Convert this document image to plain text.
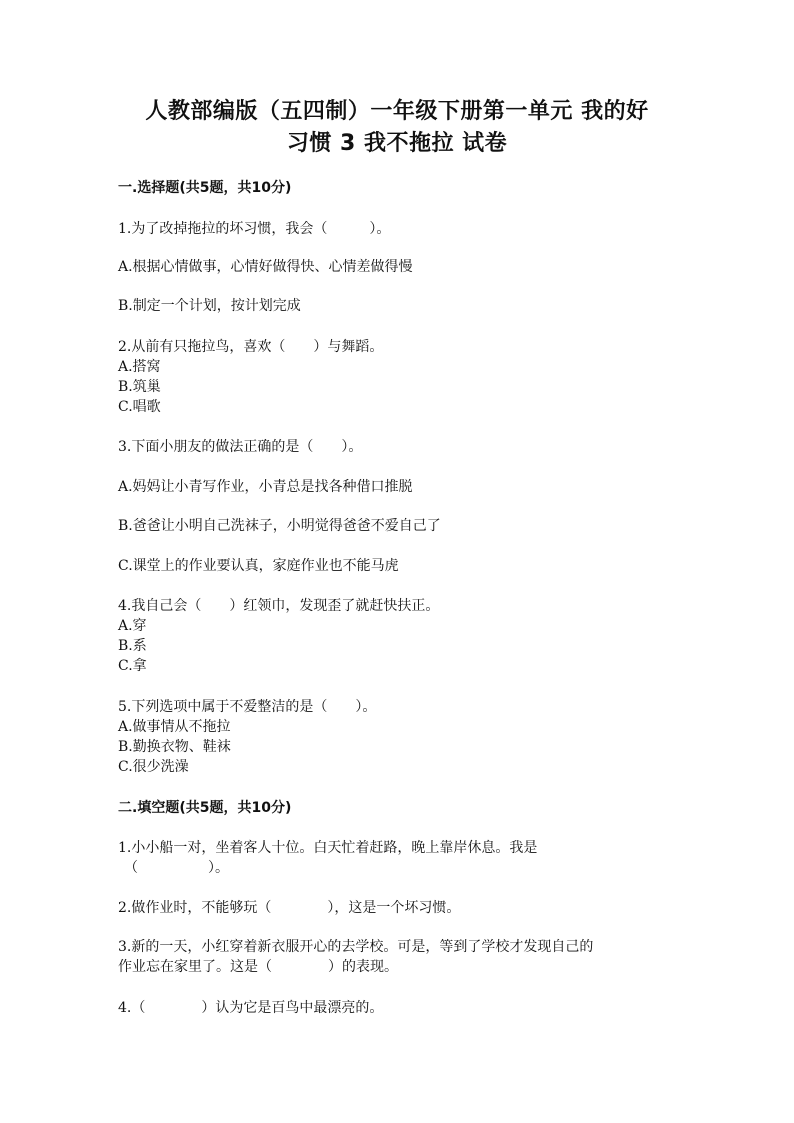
人教部编版（五四制）一年级下册第一单元 我的好
习惯 3 我不拖拉 试卷
一.选择题(共5题，共10分)
1.为了改掉拖拉的坏习惯，我会（　　　）。
A.根据心情做事，心情好做得快、心情差做得慢
B.制定一个计划，按计划完成
2.从前有只拖拉鸟，喜欢（　　）与舞蹈。
A.搭窝
B.筑巢
C.唱歌
3.下面小朋友的做法正确的是（　　）。
A.妈妈让小青写作业，小青总是找各种借口推脱
B.爸爸让小明自己洗袜子，小明觉得爸爸不爱自己了
C.课堂上的作业要认真，家庭作业也不能马虎
4.我自己会（　　）红领巾，发现歪了就赶快扶正。
A.穿
B.系
C.拿
5.下列选项中属于不爱整洁的是（　　）。
A.做事情从不拖拉
B.勤换衣物、鞋袜
C.很少洗澡
二.填空题(共5题，共10分)
1.小小船一对，坐着客人十位。白天忙着赶路，晚上靠岸休息。我是
（　　　　　）。
2.做作业时，不能够玩（　　　　），这是一个坏习惯。
3.新的一天，小红穿着新衣服开心的去学校。可是，等到了学校才发现自己的
作业忘在家里了。这是（　　　　）的表现。
4.（　　　　）认为它是百鸟中最漂亮的。
